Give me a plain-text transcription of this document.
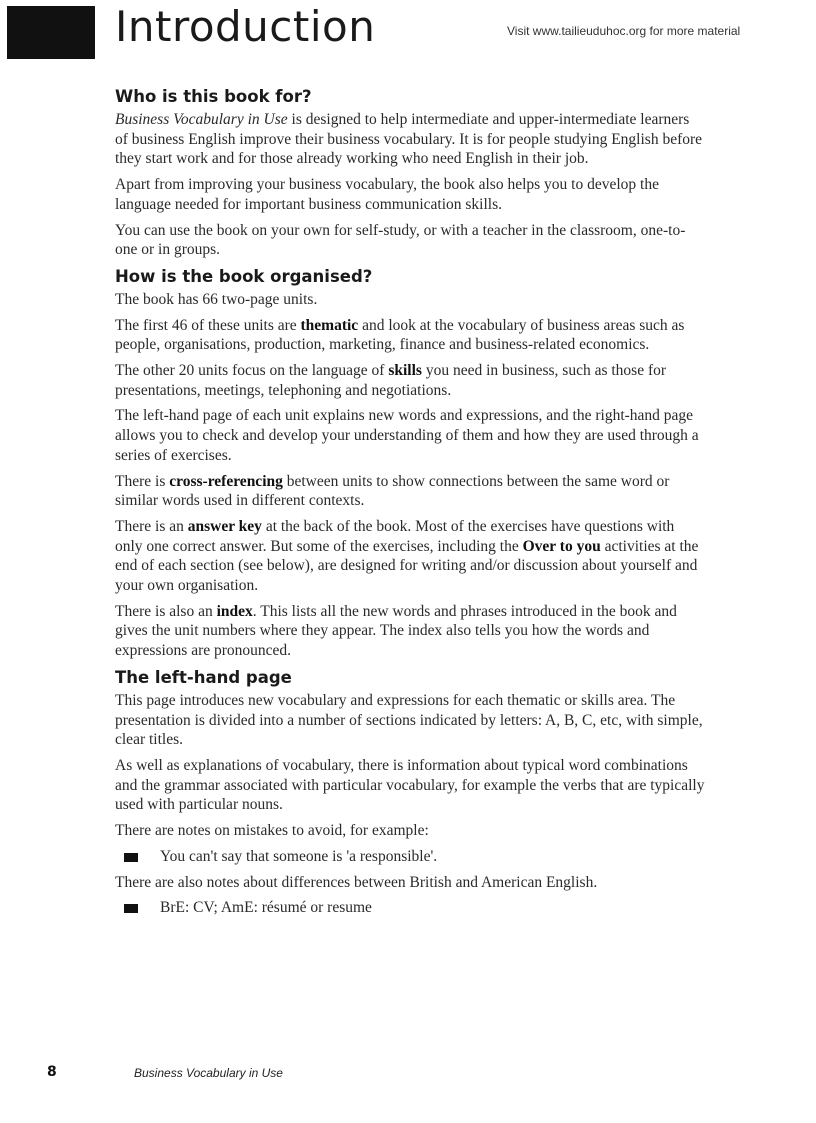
Introduction	Visit www.tailieuduhoc.org for more material
Who is this book for?

Business Vocabulary in Use is designed to help intermediate and upper-intermediate learners of business English improve their business vocabulary. It is for people studying English before they start work and for those already working who need English in their job.

Apart from improving your business vocabulary, the book also helps you to develop the language needed for important business communication skills.

You can use the book on your own for self-study, or with a teacher in the classroom, one-to-one or in groups.

How is the book organised?

The book has 66 two-page units.

The first 46 of these units are thematic and look at the vocabulary of business areas such as people, organisations, production, marketing, finance and business-related economics.

The other 20 units focus on the language of skills you need in business, such as those for presentations, meetings, telephoning and negotiations.

The left-hand page of each unit explains new words and expressions, and the right-hand page allows you to check and develop your understanding of them and how they are used through a series of exercises.

There is cross-referencing between units to show connections between the same word or similar words used in different contexts.

There is an answer key at the back of the book. Most of the exercises have questions with only one correct answer. But some of the exercises, including the Over to you activities at the end of each section (see below), are designed for writing and/or discussion about yourself and your own organisation.

There is also an index. This lists all the new words and phrases introduced in the book and gives the unit numbers where they appear. The index also tells you how the words and expressions are pronounced.

The left-hand page

This page introduces new vocabulary and expressions for each thematic or skills area. The presentation is divided into a number of sections indicated by letters: A, B, C, etc, with simple, clear titles.

As well as explanations of vocabulary, there is information about typical word combinations and the grammar associated with particular vocabulary, for example the verbs that are typically used with particular nouns.

There are notes on mistakes to avoid, for example:

You can't say that someone is 'a responsible'.

There are also notes about differences between British and American English.

BrE: CV; AmE: résumé or resume
8	Business Vocabulary in Use
